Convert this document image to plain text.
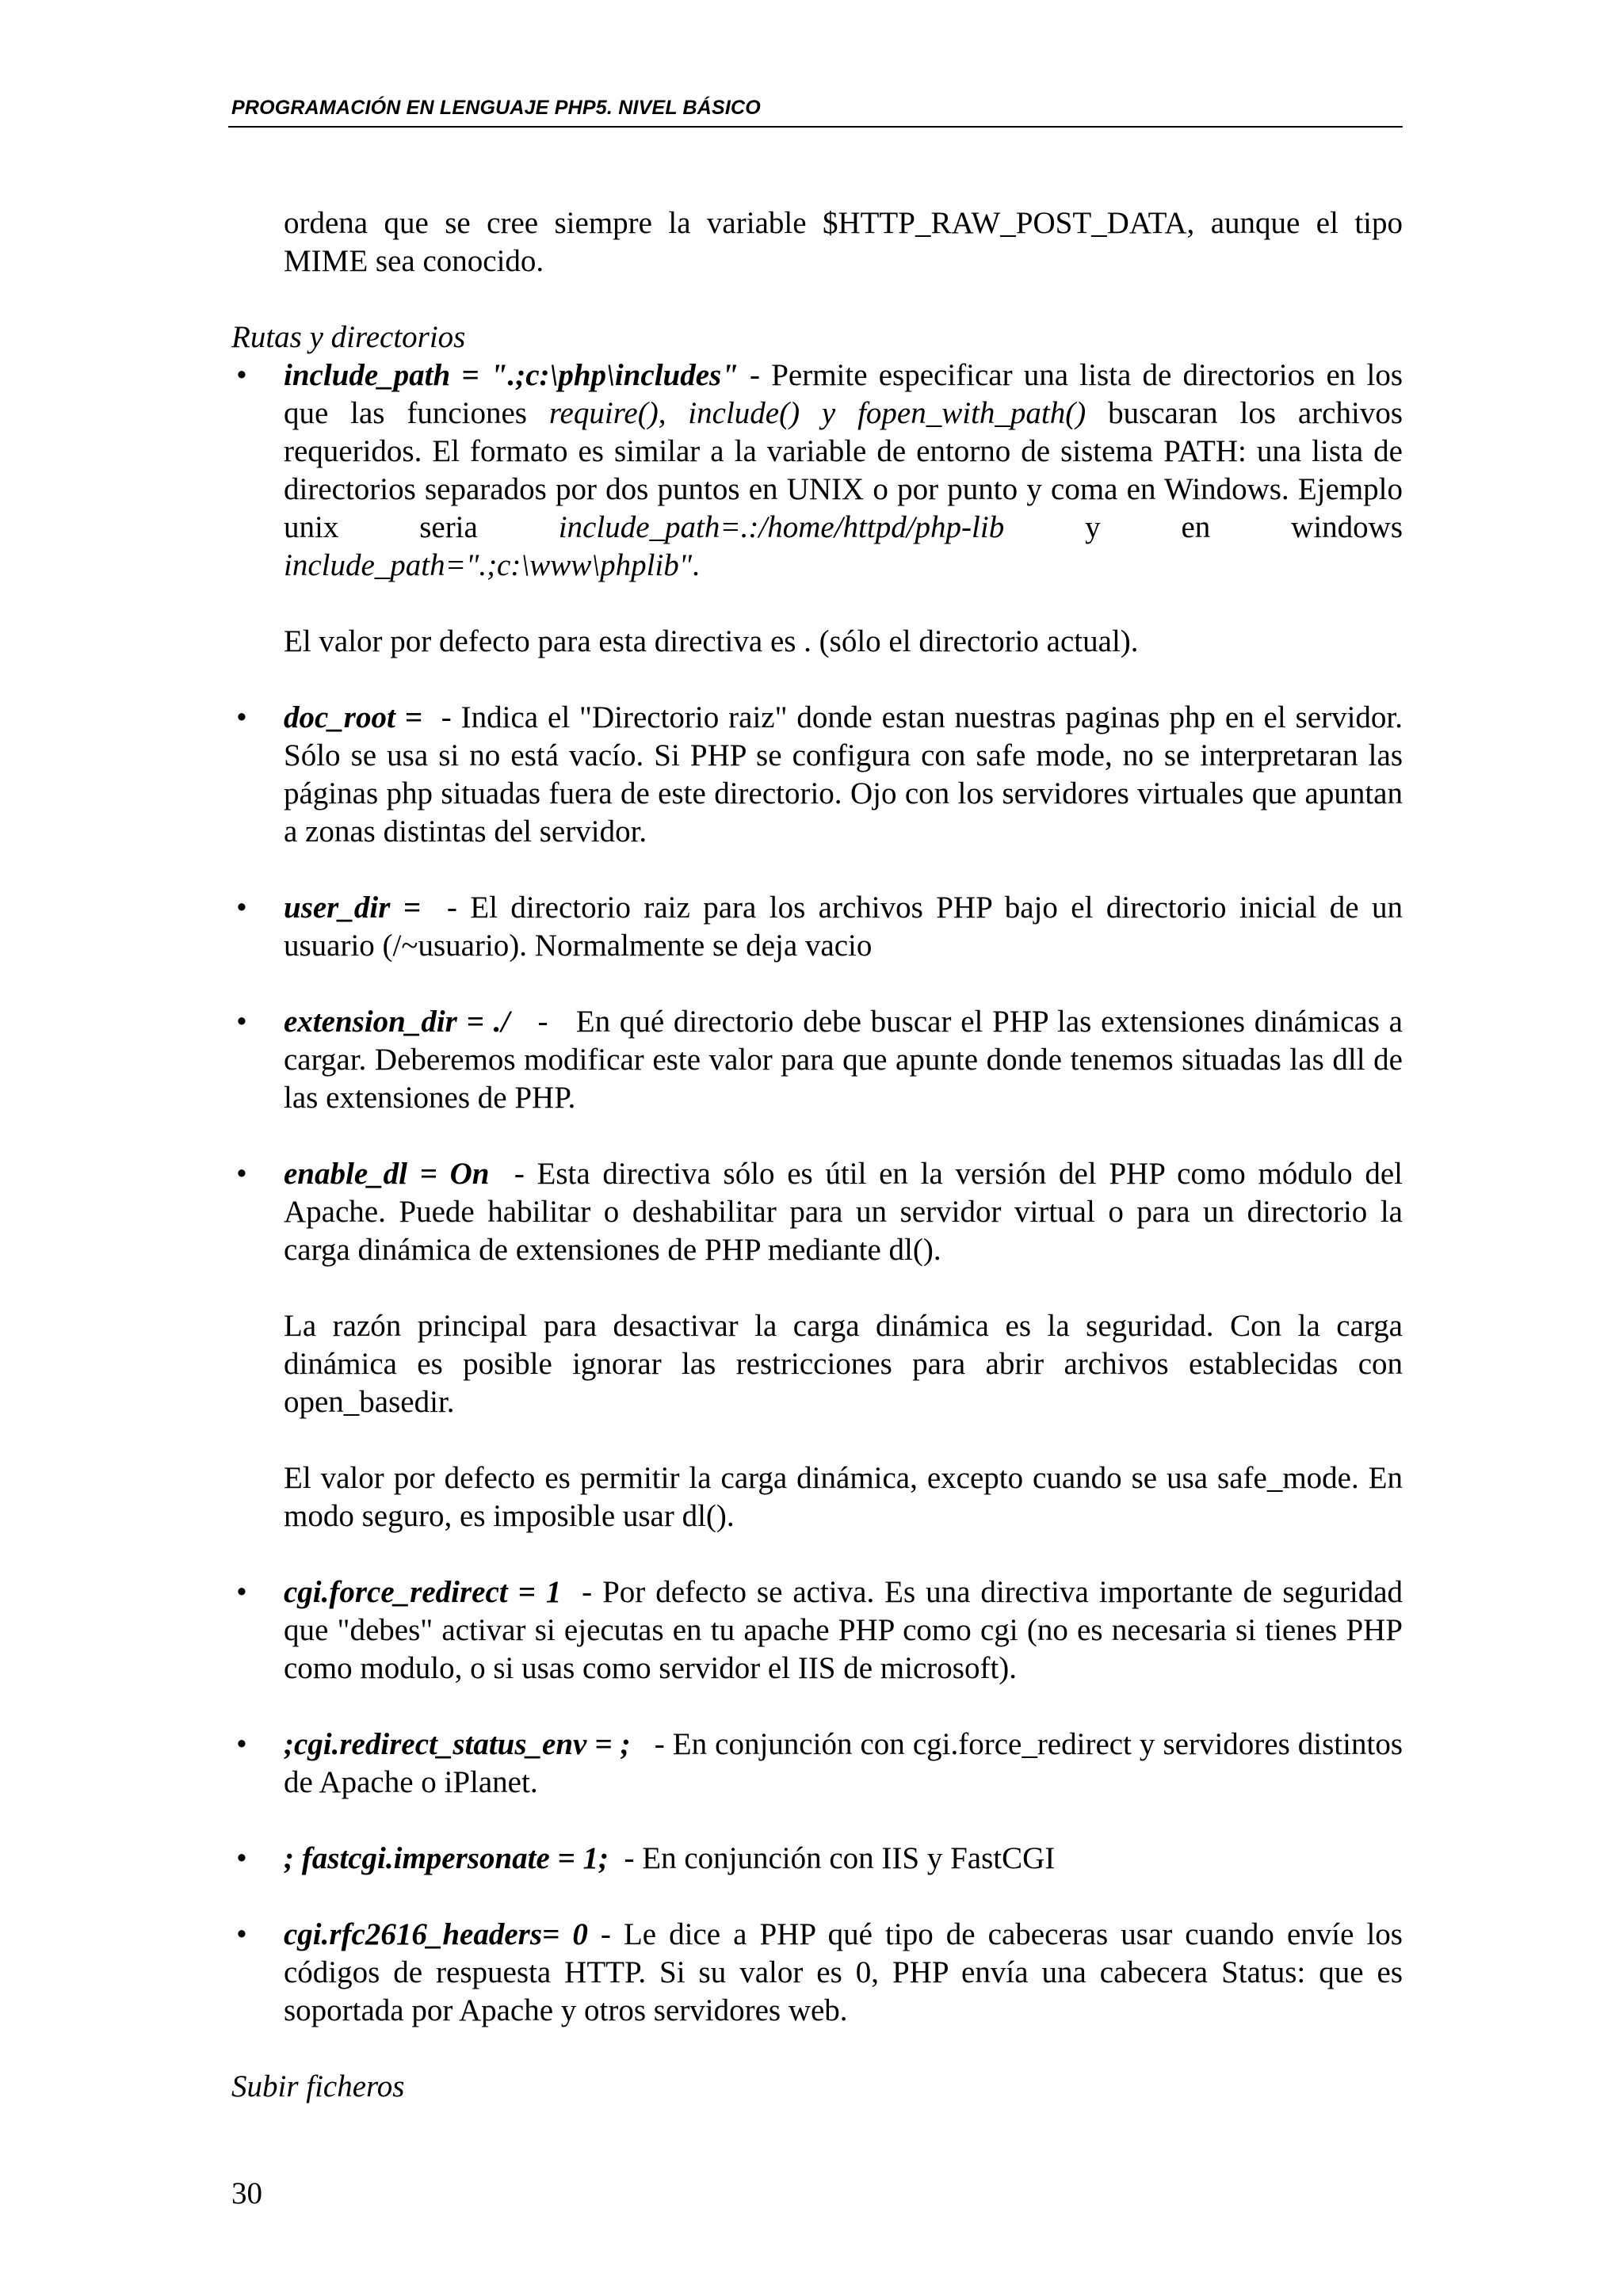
PROGRAMACIÓN EN LENGUAJE PHP5. NIVEL BÁSICO

ordena que se cree siempre la variable $HTTP_RAW_POST_DATA, aunque el tipo MIME sea conocido.

Rutas y directorios

• include_path = ".;c:\php\includes" - Permite especificar una lista de directorios en los que las funciones require(), include() y fopen_with_path() buscaran los archivos requeridos. El formato es similar a la variable de entorno de sistema PATH: una lista de directorios separados por dos puntos en UNIX o por punto y coma en Windows. Ejemplo unix seria include_path=.:/home/httpd/php-lib y en windows include_path=".;c:\www\phplib".

El valor por defecto para esta directiva es . (sólo el directorio actual).

• doc_root =  - Indica el "Directorio raiz" donde estan nuestras paginas php en el servidor. Sólo se usa si no está vacío. Si PHP se configura con safe mode, no se interpretaran las páginas php situadas fuera de este directorio. Ojo con los servidores virtuales que apuntan a zonas distintas del servidor.

• user_dir =  - El directorio raiz para los archivos PHP bajo el directorio inicial de un usuario (/~usuario). Normalmente se deja vacio

• extension_dir = ./   -   En qué directorio debe buscar el PHP las extensiones dinámicas a cargar. Deberemos modificar este valor para que apunte donde tenemos situadas las dll de las extensiones de PHP.

• enable_dl = On  - Esta directiva sólo es útil en la versión del PHP como módulo del Apache. Puede habilitar o deshabilitar para un servidor virtual o para un directorio la carga dinámica de extensiones de PHP mediante dl().

La razón principal para desactivar la carga dinámica es la seguridad. Con la carga dinámica es posible ignorar las restricciones para abrir archivos establecidas con open_basedir.

El valor por defecto es permitir la carga dinámica, excepto cuando se usa safe_mode. En modo seguro, es imposible usar dl().

• cgi.force_redirect = 1  - Por defecto se activa. Es una directiva importante de seguridad que "debes" activar si ejecutas en tu apache PHP como cgi (no es necesaria si tienes PHP como modulo, o si usas como servidor el IIS de microsoft).

• ;cgi.redirect_status_env = ;   - En conjunción con cgi.force_redirect y servidores distintos de Apache o iPlanet.

• ; fastcgi.impersonate = 1;  - En conjunción con IIS y FastCGI

• cgi.rfc2616_headers= 0 - Le dice a PHP qué tipo de cabeceras usar cuando envíe los códigos de respuesta HTTP. Si su valor es 0, PHP envía una cabecera Status: que es soportada por Apache y otros servidores web.

Subir ficheros

30
